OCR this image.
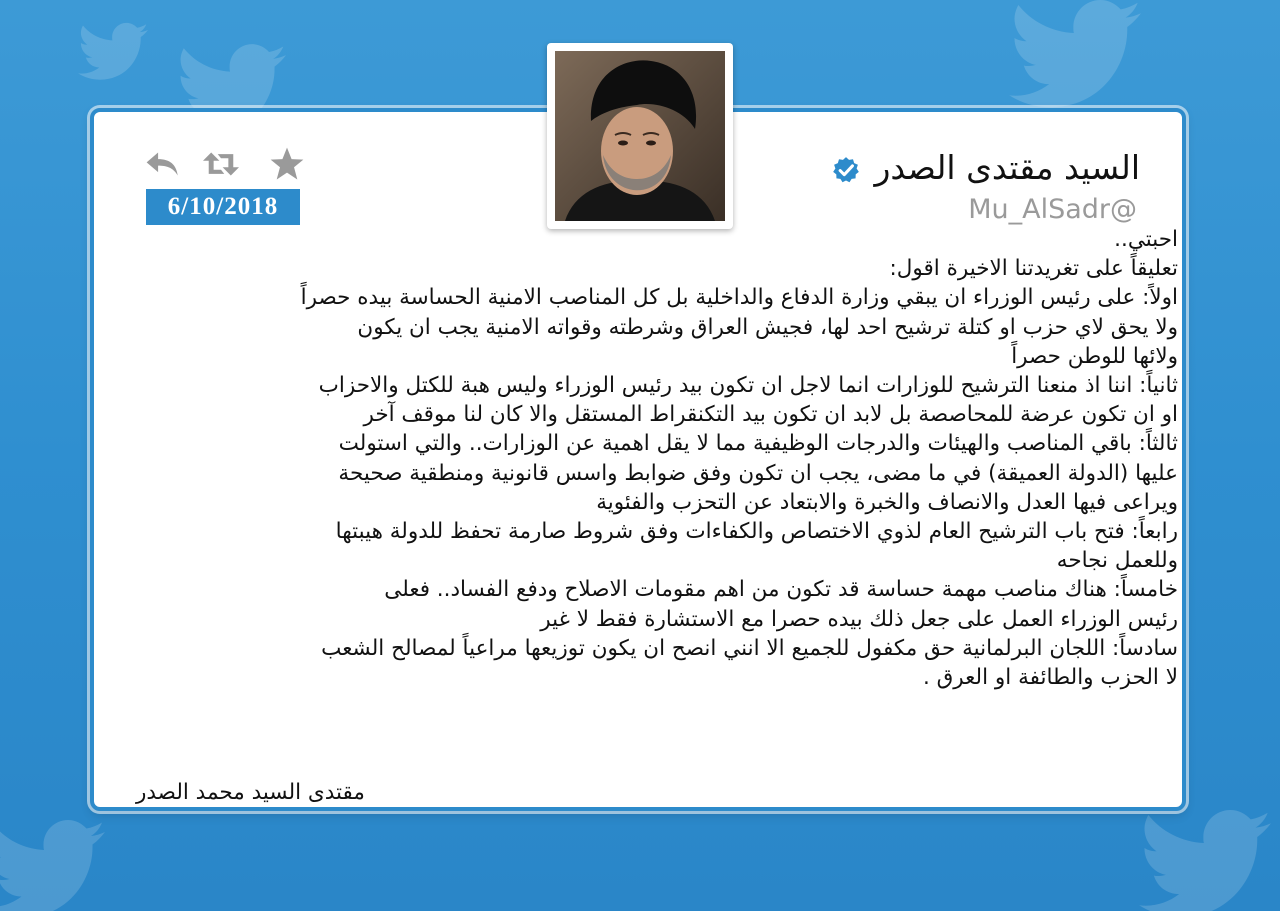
6/10/2018
السيد مقتدى الصدر
Mu_AlSadr@
احبتي..
تعليقاً على تغريدتنا الاخيرة اقول:
اولاً: على رئيس الوزراء ان يبقي وزارة الدفاع والداخلية بل كل المناصب الامنية الحساسة بيده حصراً
ولا يحق لاي حزب او كتلة ترشيح احد لها، فجيش العراق وشرطته وقواته الامنية يجب ان يكون
ولائها للوطن حصراً
ثانياً: اننا اذ منعنا الترشيح للوزارات انما لاجل ان تكون بيد رئيس الوزراء وليس هبة للكتل والاحزاب
او ان تكون عرضة للمحاصصة بل لابد ان تكون بيد التكنقراط المستقل والا كان لنا موقف آخر
ثالثاً: باقي المناصب والهيئات والدرجات الوظيفية مما لا يقل اهمية عن الوزارات.. والتي استولت
عليها (الدولة العميقة) في ما مضى، يجب ان تكون وفق ضوابط واسس قانونية ومنطقية صحيحة
ويراعى فيها العدل والانصاف والخبرة والابتعاد عن التحزب والفئوية
رابعاً: فتح باب الترشيح العام لذوي الاختصاص والكفاءات وفق شروط صارمة تحفظ للدولة هيبتها
وللعمل نجاحه
خامساً: هناك مناصب مهمة حساسة قد تكون من اهم مقومات الاصلاح ودفع الفساد.. فعلى
رئيس الوزراء العمل على جعل ذلك بيده حصرا مع الاستشارة فقط لا غير
سادساً: اللجان البرلمانية حق مكفول للجميع الا انني انصح ان يكون توزيعها مراعياً لمصالح الشعب
لا الحزب والطائفة او العرق .
مقتدى السيد محمد الصدر
